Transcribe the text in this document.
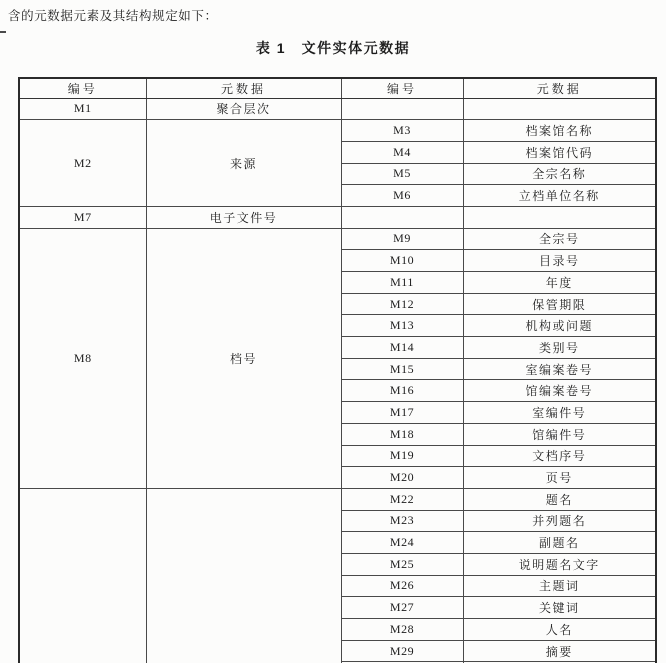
含的元数据元素及其结构规定如下：
表 1　文件实体元数据
编号	元数据	编号	元数据
M1	聚合层次		
M2	来源	M3	档案馆名称
		M4	档案馆代码
		M5	全宗名称
		M6	立档单位名称
M7	电子文件号		
M8	档号	M9	全宗号
		M10	目录号
		M11	年度
		M12	保管期限
		M13	机构或问题
		M14	类别号
		M15	室编案卷号
		M16	馆编案卷号
		M17	室编件号
		M18	馆编件号
		M19	文档序号
		M20	页号
		M22	题名
		M23	并列题名
		M24	副题名
		M25	说明题名文字
		M26	主题词
		M27	关键词
		M28	人名
		M29	摘要
